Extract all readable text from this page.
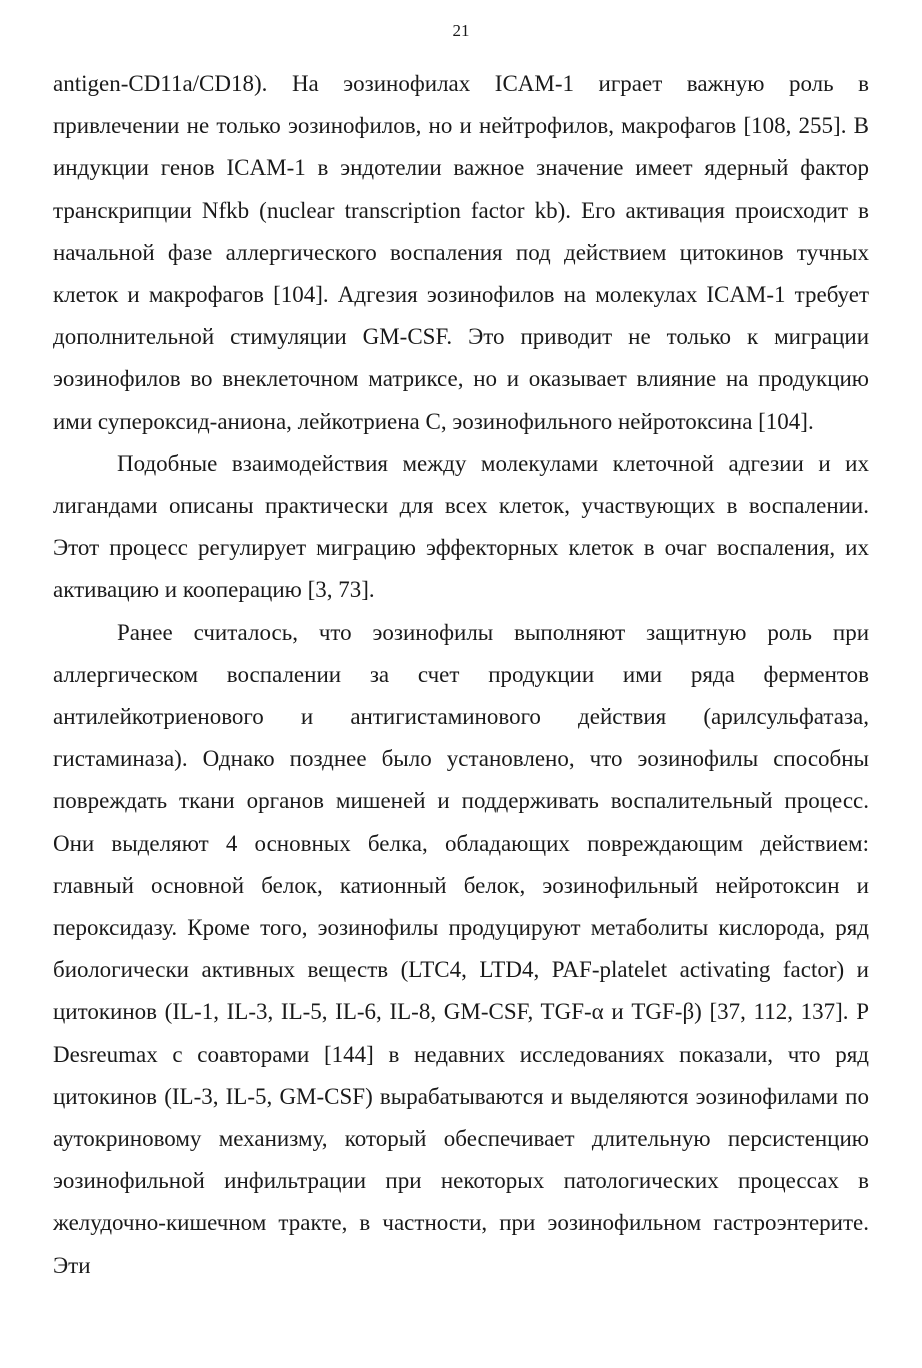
21

antigen-CD11a/CD18). На эозинофилах ICAM-1 играет важную роль в привлечении не только эозинофилов, но и нейтрофилов, макрофагов [108, 255]. В индукции генов ICAM-1 в эндотелии важное значение имеет ядерный фактор транскрипции Nfkb (nuclear transcription factor kb). Его активация происходит в начальной фазе аллергического воспаления под действием цитокинов тучных клеток и макрофагов [104]. Адгезия эозинофилов на молекулах ICAM-1 требует дополнительной стимуляции GM-CSF. Это приводит не только к миграции эозинофилов во внеклеточном матриксе, но и оказывает влияние на продукцию ими супероксид-аниона, лейкотриена С, эозинофильного нейротоксина [104].

Подобные взаимодействия между молекулами клеточной адгезии и их лигандами описаны практически для всех клеток, участвующих в воспалении. Этот процесс регулирует миграцию эффекторных клеток в очаг воспаления, их активацию и кооперацию [3, 73].

Ранее считалось, что эозинофилы выполняют защитную роль при аллергическом воспалении за счет продукции ими ряда ферментов антилейкотриенового и антигистаминового действия (арилсульфатаза, гистаминаза). Однако позднее было установлено, что эозинофилы способны повреждать ткани органов мишеней и поддерживать воспалительный процесс. Они выделяют 4 основных белка, обладающих повреждающим действием: главный основной белок, катионный белок, эозинофильный нейротоксин и пероксидазу. Кроме того, эозинофилы продуцируют метаболиты кислорода, ряд биологически активных веществ (LTC4, LTD4, PAF-platelet activating factor) и цитокинов (IL-1, IL-3, IL-5, IL-6, IL-8, GM-CSF, TGF-α и TGF-β) [37, 112, 137]. Р Desreumax с соавторами [144] в недавних исследованиях показали, что ряд цитокинов (IL-3, IL-5, GM-CSF) вырабатываются и выделяются эозинофилами по аутокриновому механизму, который обеспечивает длительную персистенцию эозинофильной инфильтрации при некоторых патологических процессах в желудочно-кишечном тракте, в частности, при эозинофильном гастроэнтерите. Эти
